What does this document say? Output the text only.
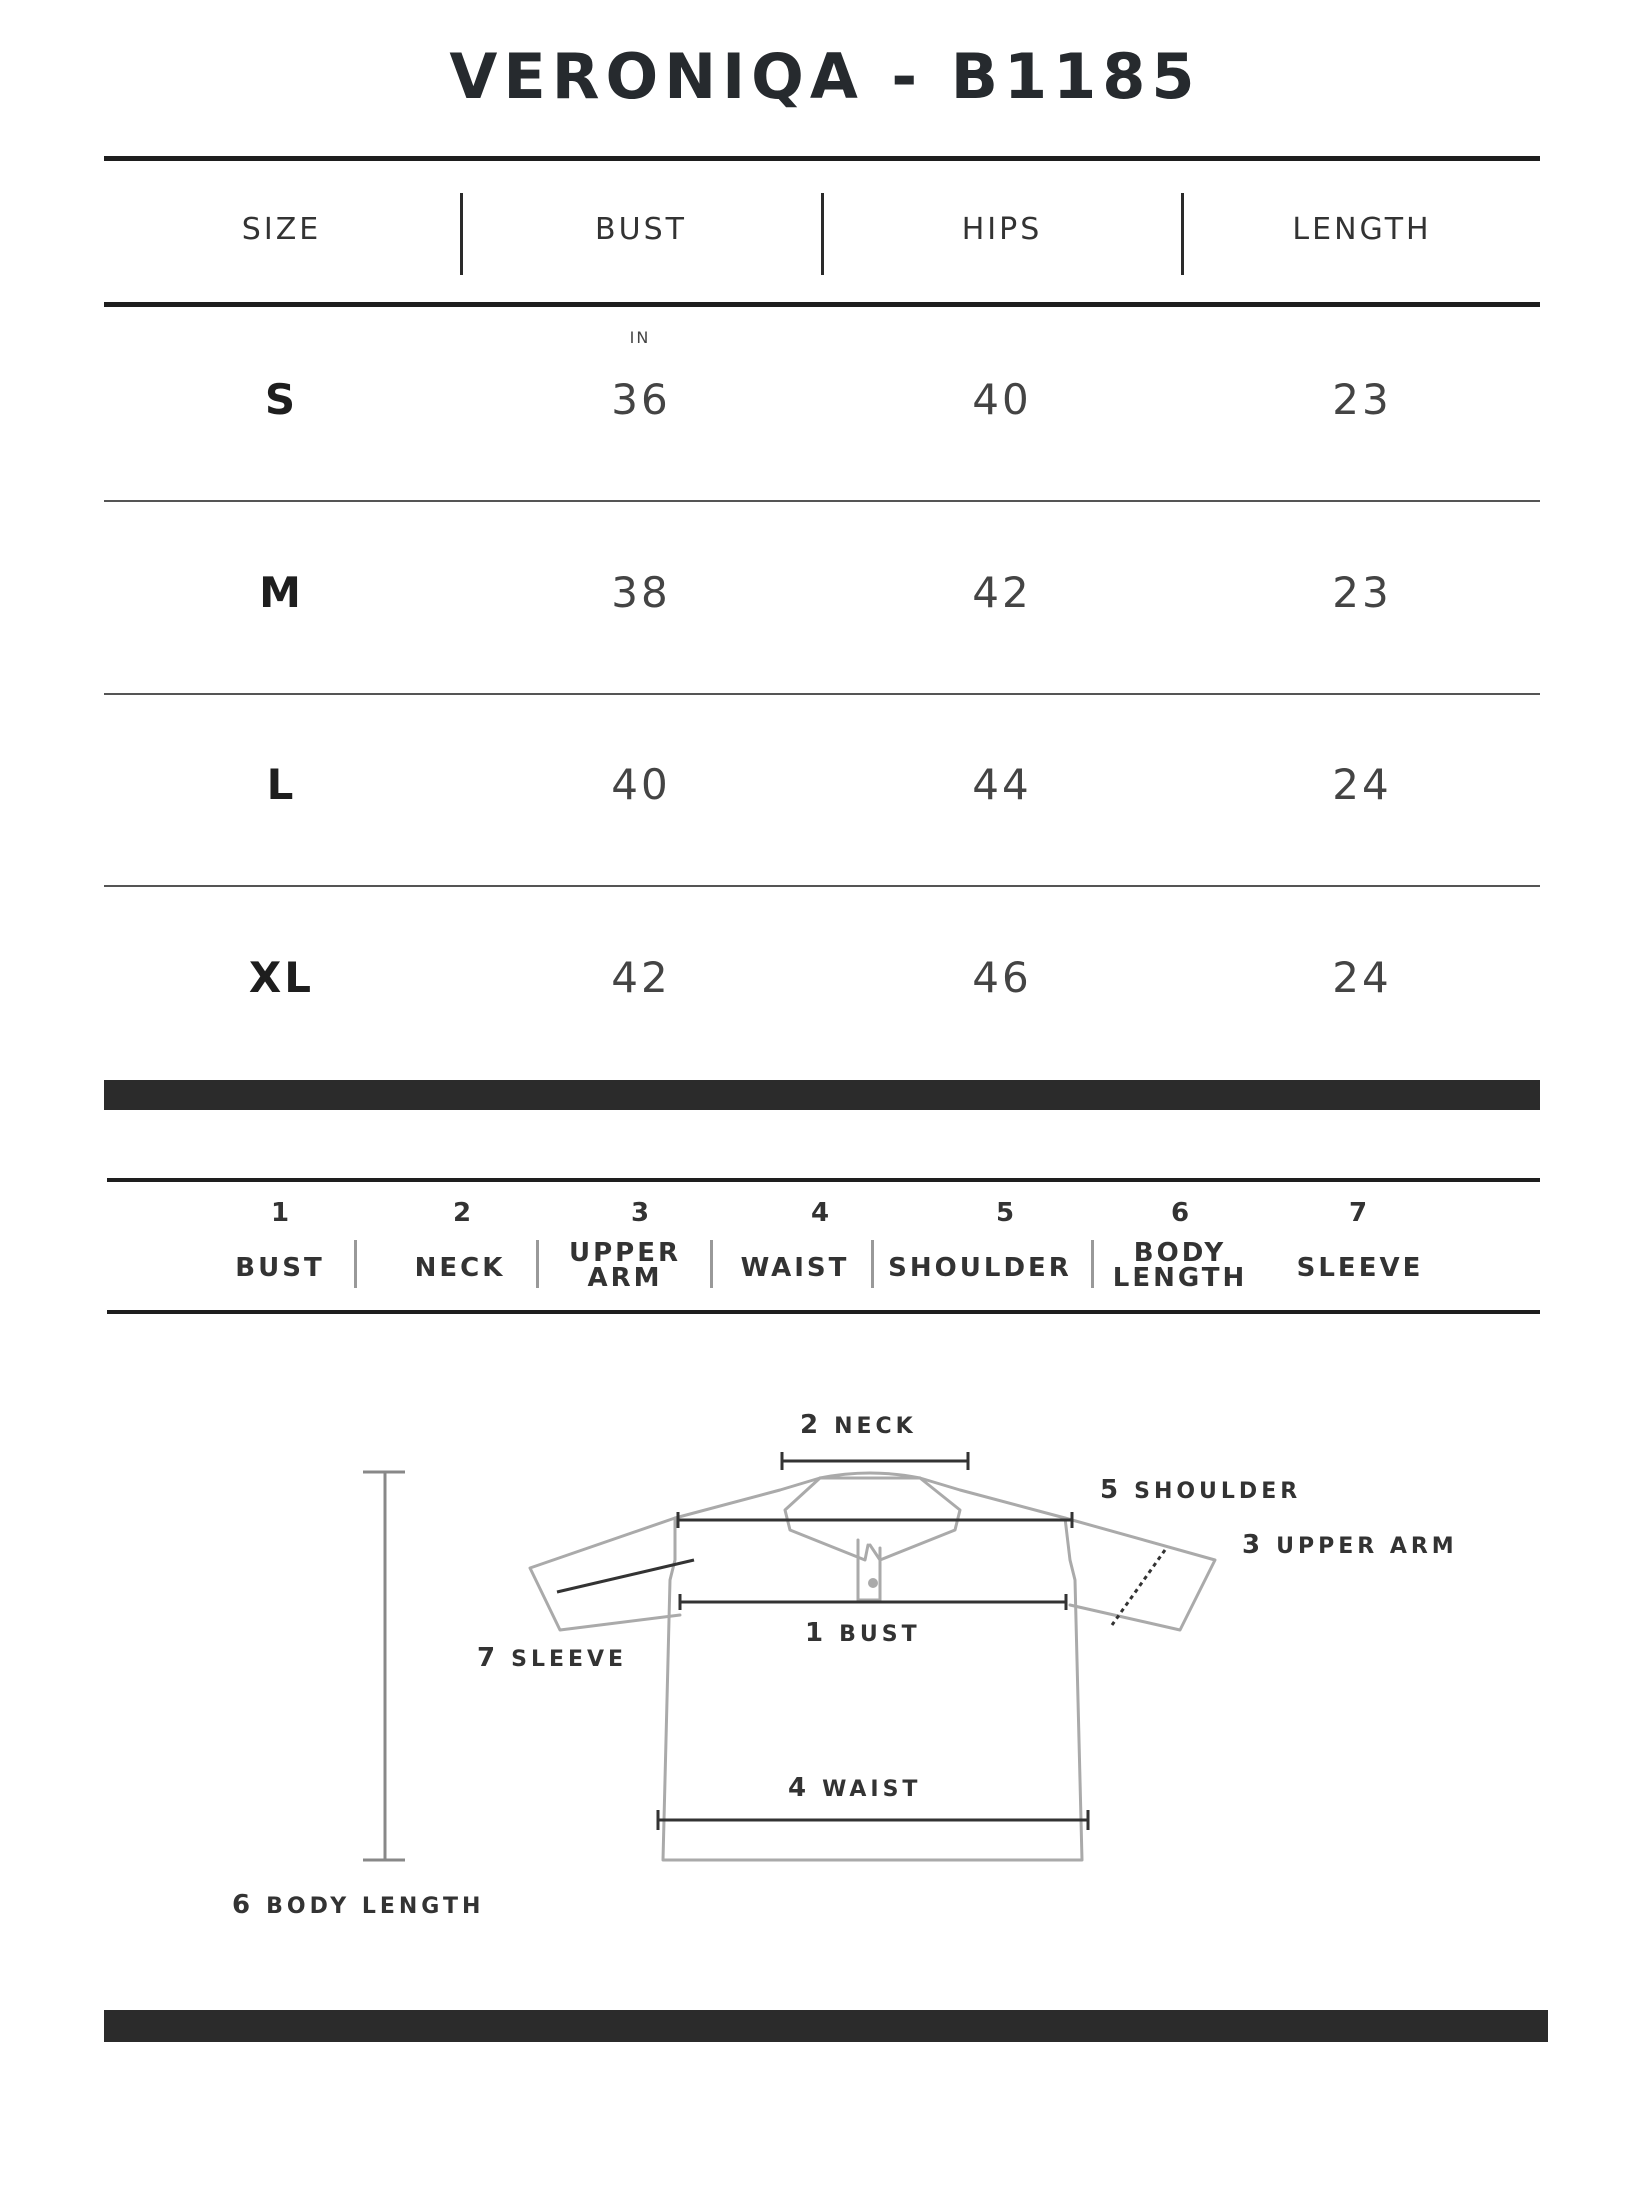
VERONIQA - B1185
SIZE	BUST	HIPS	LENGTH
IN
S	36	40	23
M	38	42	23
L	40	44	24
XL	42	46	24
1
BUST
2
NECK
3
UPPER
ARM
4
WAIST
5
SHOULDER
6
BODY
LENGTH
7
SLEEVE
2 NECK
5 SHOULDER
3 UPPER ARM
1 BUST
7 SLEEVE
4 WAIST
6 BODY LENGTH
